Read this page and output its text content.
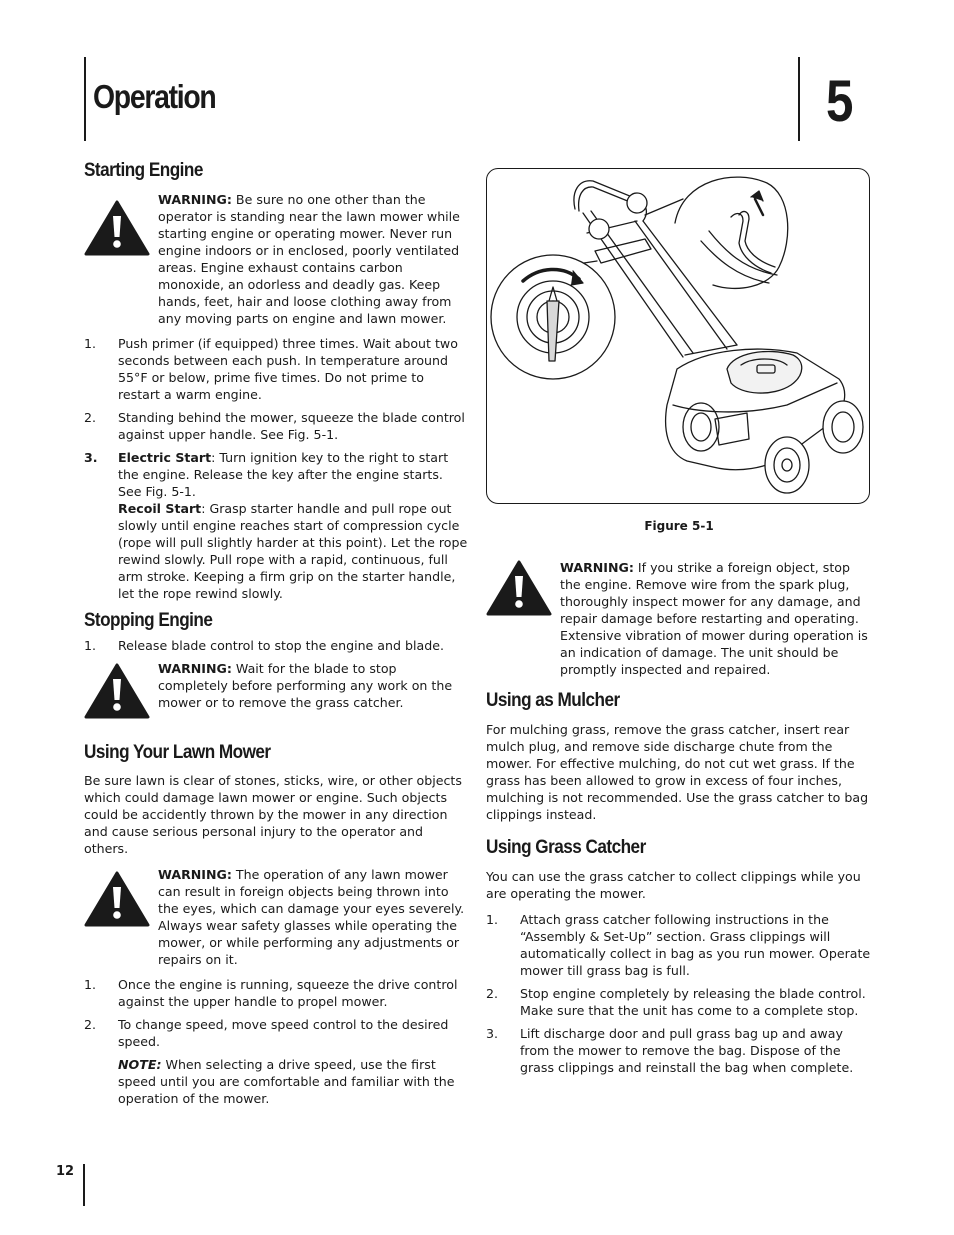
Operation	5
Starting Engine
WARNING: Be sure no one other than the operator is standing near the lawn mower while starting engine or operating mower. Never run engine indoors or in enclosed, poorly ventilated areas. Engine exhaust contains carbon monoxide, an odorless and deadly gas. Keep hands, feet, hair and loose clothing away from any moving parts on engine and lawn mower.
1. Push primer (if equipped) three times. Wait about two seconds between each push. In temperature around 55°F or below, prime five times. Do not prime to restart a warm engine.
2. Standing behind the mower, squeeze the blade control against upper handle. See Fig. 5-1.
3. Electric Start: Turn ignition key to the right to start the engine. Release the key after the engine starts. See Fig. 5-1.
Recoil Start: Grasp starter handle and pull rope out slowly until engine reaches start of compression cycle (rope will pull slightly harder at this point). Let the rope rewind slowly. Pull rope with a rapid, continuous, full arm stroke. Keeping a firm grip on the starter handle, let the rope rewind slowly.
Stopping Engine
1. Release blade control to stop the engine and blade.
WARNING: Wait for the blade to stop completely before performing any work on the mower or to remove the grass catcher.
Using Your Lawn Mower

Be sure lawn is clear of stones, sticks, wire, or other objects which could damage lawn mower or engine. Such objects could be accidently thrown by the mower in any direction and cause serious personal injury to the operator and others.

WARNING: The operation of any lawn mower can result in foreign objects being thrown into the eyes, which can damage your eyes severely. Always wear safety glasses while operating the mower, or while performing any adjustments or repairs on it.
1. Once the engine is running, squeeze the drive control against the upper handle to propel mower.
2. To change speed, move speed control to the desired speed.

NOTE: When selecting a drive speed, use the first speed until you are comfortable and familiar with the operation of the mower.

Figure 5-1
WARNING: If you strike a foreign object, stop the engine. Remove wire from the spark plug, thoroughly inspect mower for any damage, and repair damage before restarting and operating. Extensive vibration of mower during operation is an indication of damage. The unit should be promptly inspected and repaired.
Using as Mulcher

For mulching grass, remove the grass catcher, insert rear mulch plug, and remove side discharge chute from the mower. For effective mulching, do not cut wet grass. If the grass has been allowed to grow in excess of four inches, mulching is not recommended. Use the grass catcher to bag clippings instead.

Using Grass Catcher

You can use the grass catcher to collect clippings while you are operating the mower.

1. Attach grass catcher following instructions in the “Assembly & Set-Up” section. Grass clippings will automatically collect in bag as you run mower. Operate mower till grass bag is full.
2. Stop engine completely by releasing the blade control. Make sure that the unit has come to a complete stop.
3. Lift discharge door and pull grass bag up and away from the mower to remove the bag. Dispose of the grass clippings and reinstall the bag when complete.
12
